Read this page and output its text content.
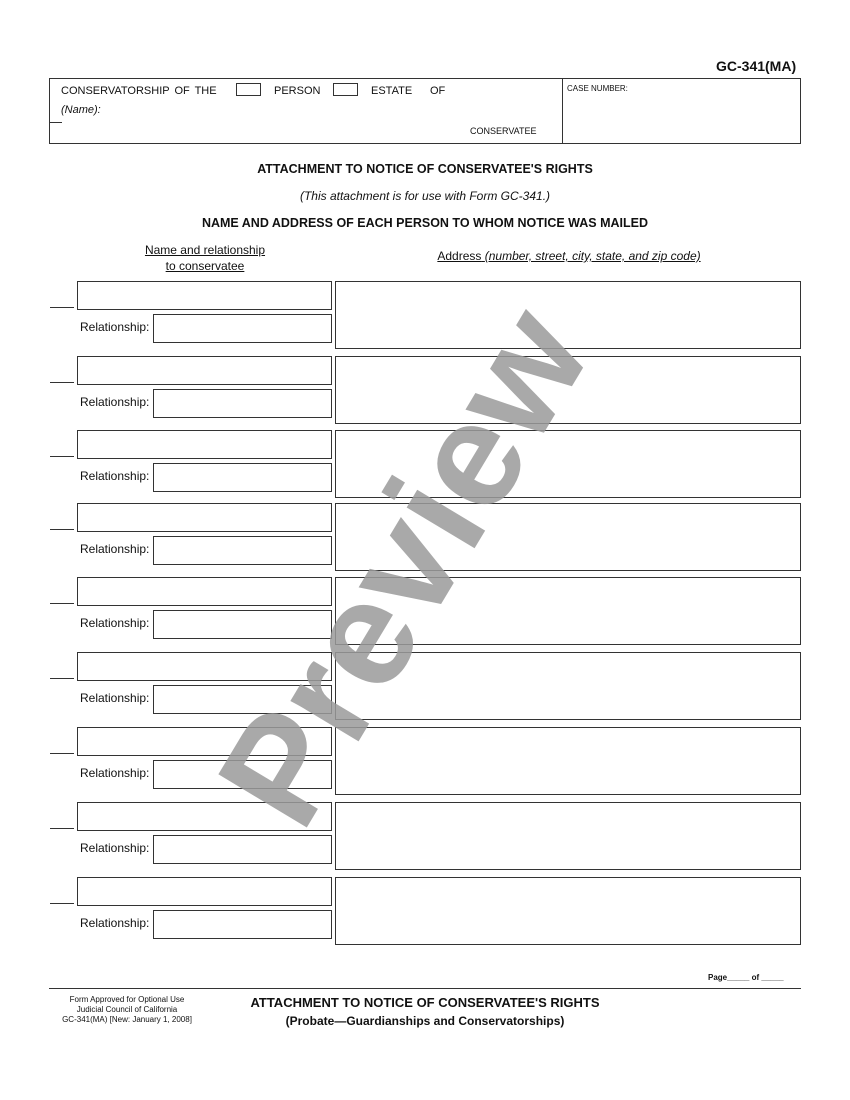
GC-341(MA)
CONSERVATORSHIP OF THE	PERSON	ESTATE OF
(Name):
CONSERVATEE
CASE NUMBER:
ATTACHMENT TO NOTICE OF CONSERVATEE'S RIGHTS
(This attachment is for use with Form GC-341.)
NAME AND ADDRESS OF EACH PERSON TO WHOM NOTICE WAS MAILED
Name and relationship
to conservatee
Address (number, street, city, state, and zip code)
Relationship:
Relationship:
Relationship:
Relationship:
Relationship:
Relationship:
Relationship:
Relationship:
Relationship:
Page_____ of _____
Form Approved for Optional Use
Judicial Council of California
GC-341(MA) [New: January 1, 2008]
ATTACHMENT TO NOTICE OF CONSERVATEE'S RIGHTS
(Probate—Guardianships and Conservatorships)
Preview
